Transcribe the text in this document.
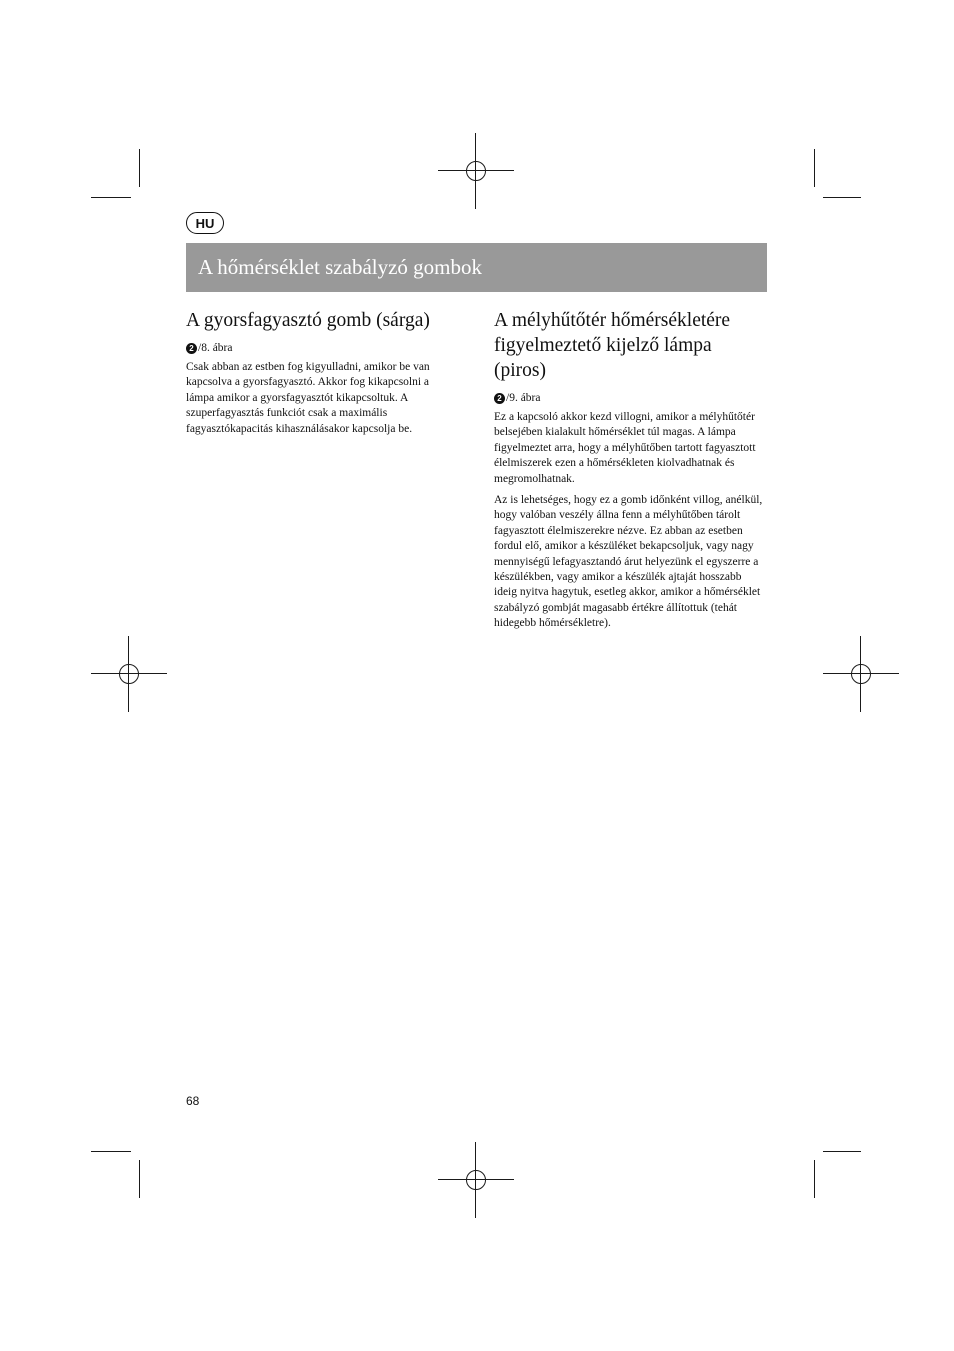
HU
A hőmérséklet szabályzó gombok
A gyorsfagyasztó gomb (sárga)
2 /8. ábra

Csak abban az estben fog kigyulladni, amikor be van kapcsolva a gyorsfagyasztó. Akkor fog kikapcsolni a lámpa amikor a gyorsfagyasztót kikapcsoltuk. A szuperfagyasztás funkciót csak a maximális fagyasztókapacitás kihasználásakor kapcsolja be.

A mélyhűtőtér hőmérsékletére figyelmeztető kijelző lámpa (piros)
2 /9. ábra

Ez a kapcsoló akkor kezd villogni, amikor a mélyhűtőtér belsejében kialakult hőmérséklet túl magas. A lámpa figyelmeztet arra, hogy a mélyhűtőben tartott fagyasztott élelmiszerek ezen a hőmérsékleten kiolvadhatnak és megromolhatnak.

Az is lehetséges, hogy ez a gomb időnként villog, anélkül, hogy valóban veszély állna fenn a mélyhűtőben tárolt fagyasztott élelmiszerekre nézve. Ez abban az esetben fordul elő, amikor a készüléket bekapcsoljuk, vagy nagy mennyiségű lefagyasztandó árut helyezünk el egyszerre a készülékben, vagy amikor a készülék ajtaját hosszabb ideig nyitva hagytuk, esetleg akkor, amikor a hőmérséklet szabályzó gombját magasabb értékre állítottuk (tehát hidegebb hőmérsékletre).

68
